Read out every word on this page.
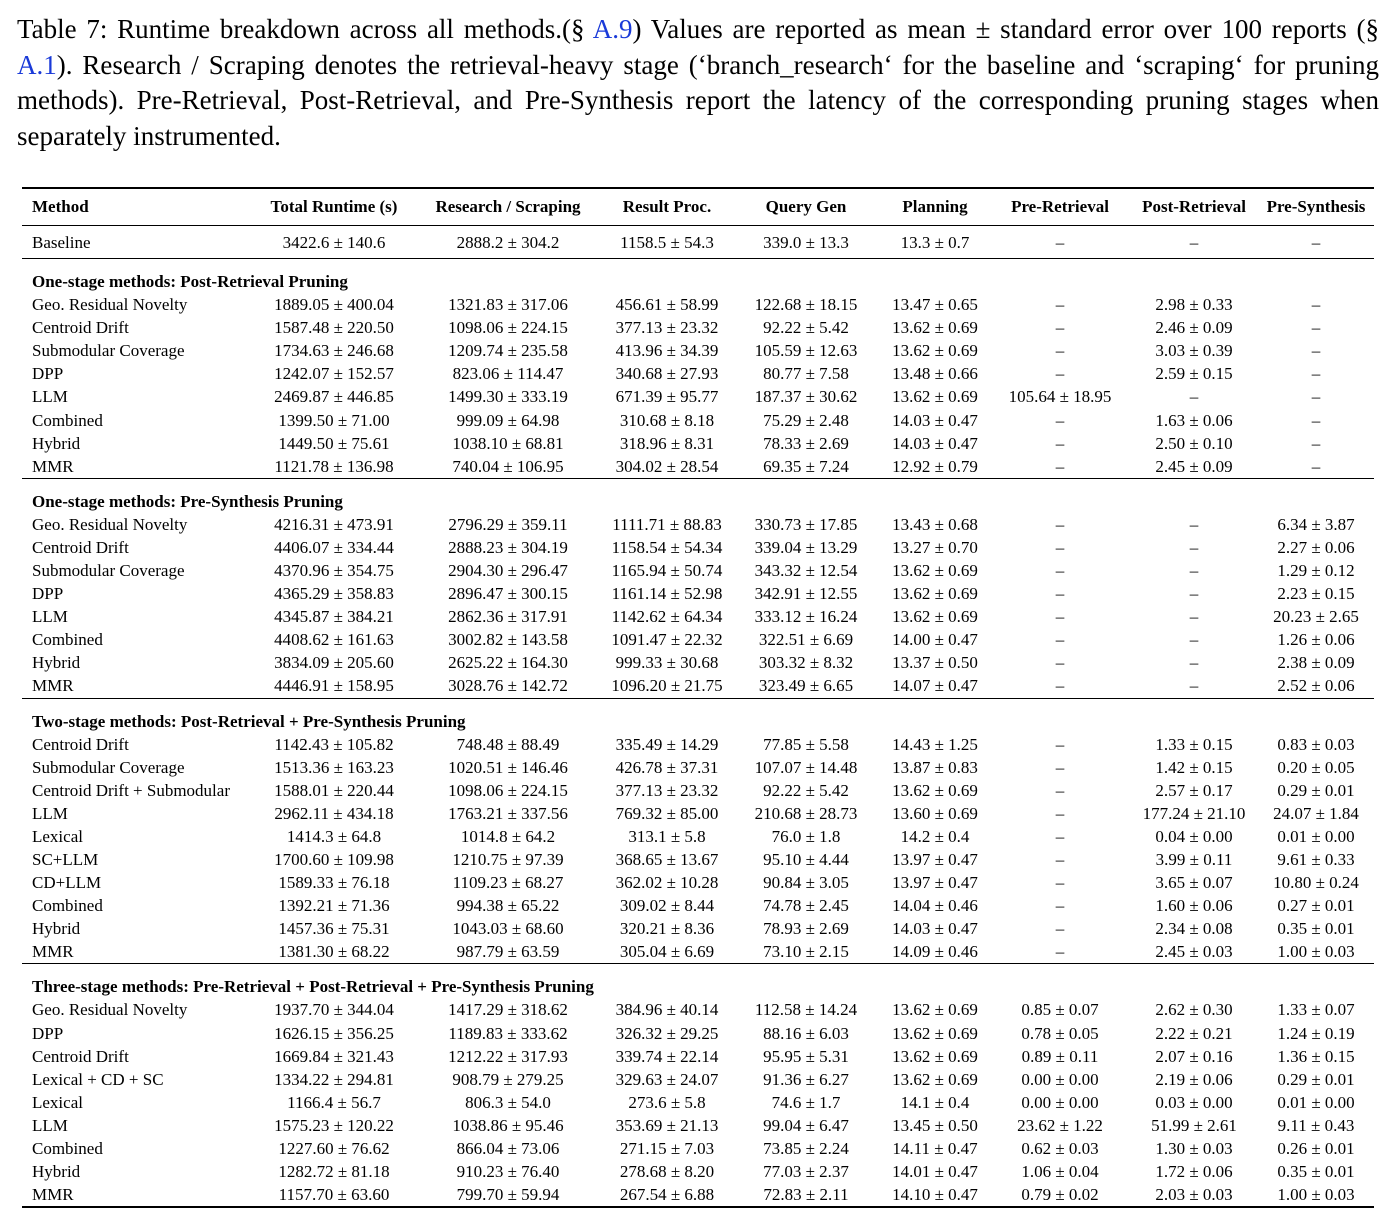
Table 7: Runtime breakdown across all methods.(§ A.9) Values are reported as mean ± standard error over 100 reports (§ A.1). Research / Scraping denotes the retrieval-heavy stage (‘branch_research‘ for the baseline and ‘scraping‘ for pruning methods). Pre-Retrieval, Post-Retrieval, and Pre-Synthesis report the latency of the corresponding pruning stages when separately instrumented.
Method	Total Runtime (s)	Research / Scraping	Result Proc.	Query Gen	Planning	Pre-Retrieval	Post-Retrieval	Pre-Synthesis
Baseline	3422.6 ± 140.6	2888.2 ± 304.2	1158.5 ± 54.3	339.0 ± 13.3	13.3 ± 0.7	–	–	–
One-stage methods: Post-Retrieval Pruning								
Geo. Residual Novelty	1889.05 ± 400.04	1321.83 ± 317.06	456.61 ± 58.99	122.68 ± 18.15	13.47 ± 0.65	–	2.98 ± 0.33	–
Centroid Drift	1587.48 ± 220.50	1098.06 ± 224.15	377.13 ± 23.32	92.22 ± 5.42	13.62 ± 0.69	–	2.46 ± 0.09	–
Submodular Coverage	1734.63 ± 246.68	1209.74 ± 235.58	413.96 ± 34.39	105.59 ± 12.63	13.62 ± 0.69	–	3.03 ± 0.39	–
DPP	1242.07 ± 152.57	823.06 ± 114.47	340.68 ± 27.93	80.77 ± 7.58	13.48 ± 0.66	–	2.59 ± 0.15	–
LLM	2469.87 ± 446.85	1499.30 ± 333.19	671.39 ± 95.77	187.37 ± 30.62	13.62 ± 0.69	105.64 ± 18.95	–	–
Combined	1399.50 ± 71.00	999.09 ± 64.98	310.68 ± 8.18	75.29 ± 2.48	14.03 ± 0.47	–	1.63 ± 0.06	–
Hybrid	1449.50 ± 75.61	1038.10 ± 68.81	318.96 ± 8.31	78.33 ± 2.69	14.03 ± 0.47	–	2.50 ± 0.10	–
MMR	1121.78 ± 136.98	740.04 ± 106.95	304.02 ± 28.54	69.35 ± 7.24	12.92 ± 0.79	–	2.45 ± 0.09	–
One-stage methods: Pre-Synthesis Pruning								
Geo. Residual Novelty	4216.31 ± 473.91	2796.29 ± 359.11	1111.71 ± 88.83	330.73 ± 17.85	13.43 ± 0.68	–	–	6.34 ± 3.87
Centroid Drift	4406.07 ± 334.44	2888.23 ± 304.19	1158.54 ± 54.34	339.04 ± 13.29	13.27 ± 0.70	–	–	2.27 ± 0.06
Submodular Coverage	4370.96 ± 354.75	2904.30 ± 296.47	1165.94 ± 50.74	343.32 ± 12.54	13.62 ± 0.69	–	–	1.29 ± 0.12
DPP	4365.29 ± 358.83	2896.47 ± 300.15	1161.14 ± 52.98	342.91 ± 12.55	13.62 ± 0.69	–	–	2.23 ± 0.15
LLM	4345.87 ± 384.21	2862.36 ± 317.91	1142.62 ± 64.34	333.12 ± 16.24	13.62 ± 0.69	–	–	20.23 ± 2.65
Combined	4408.62 ± 161.63	3002.82 ± 143.58	1091.47 ± 22.32	322.51 ± 6.69	14.00 ± 0.47	–	–	1.26 ± 0.06
Hybrid	3834.09 ± 205.60	2625.22 ± 164.30	999.33 ± 30.68	303.32 ± 8.32	13.37 ± 0.50	–	–	2.38 ± 0.09
MMR	4446.91 ± 158.95	3028.76 ± 142.72	1096.20 ± 21.75	323.49 ± 6.65	14.07 ± 0.47	–	–	2.52 ± 0.06
Two-stage methods: Post-Retrieval + Pre-Synthesis Pruning								
Centroid Drift	1142.43 ± 105.82	748.48 ± 88.49	335.49 ± 14.29	77.85 ± 5.58	14.43 ± 1.25	–	1.33 ± 0.15	0.83 ± 0.03
Submodular Coverage	1513.36 ± 163.23	1020.51 ± 146.46	426.78 ± 37.31	107.07 ± 14.48	13.87 ± 0.83	–	1.42 ± 0.15	0.20 ± 0.05
Centroid Drift + Submodular	1588.01 ± 220.44	1098.06 ± 224.15	377.13 ± 23.32	92.22 ± 5.42	13.62 ± 0.69	–	2.57 ± 0.17	0.29 ± 0.01
LLM	2962.11 ± 434.18	1763.21 ± 337.56	769.32 ± 85.00	210.68 ± 28.73	13.60 ± 0.69	–	177.24 ± 21.10	24.07 ± 1.84
Lexical	1414.3 ± 64.8	1014.8 ± 64.2	313.1 ± 5.8	76.0 ± 1.8	14.2 ± 0.4	–	0.04 ± 0.00	0.01 ± 0.00
SC+LLM	1700.60 ± 109.98	1210.75 ± 97.39	368.65 ± 13.67	95.10 ± 4.44	13.97 ± 0.47	–	3.99 ± 0.11	9.61 ± 0.33
CD+LLM	1589.33 ± 76.18	1109.23 ± 68.27	362.02 ± 10.28	90.84 ± 3.05	13.97 ± 0.47	–	3.65 ± 0.07	10.80 ± 0.24
Combined	1392.21 ± 71.36	994.38 ± 65.22	309.02 ± 8.44	74.78 ± 2.45	14.04 ± 0.46	–	1.60 ± 0.06	0.27 ± 0.01
Hybrid	1457.36 ± 75.31	1043.03 ± 68.60	320.21 ± 8.36	78.93 ± 2.69	14.03 ± 0.47	–	2.34 ± 0.08	0.35 ± 0.01
MMR	1381.30 ± 68.22	987.79 ± 63.59	305.04 ± 6.69	73.10 ± 2.15	14.09 ± 0.46	–	2.45 ± 0.03	1.00 ± 0.03
Three-stage methods: Pre-Retrieval + Post-Retrieval + Pre-Synthesis Pruning								
Geo. Residual Novelty	1937.70 ± 344.04	1417.29 ± 318.62	384.96 ± 40.14	112.58 ± 14.24	13.62 ± 0.69	0.85 ± 0.07	2.62 ± 0.30	1.33 ± 0.07
DPP	1626.15 ± 356.25	1189.83 ± 333.62	326.32 ± 29.25	88.16 ± 6.03	13.62 ± 0.69	0.78 ± 0.05	2.22 ± 0.21	1.24 ± 0.19
Centroid Drift	1669.84 ± 321.43	1212.22 ± 317.93	339.74 ± 22.14	95.95 ± 5.31	13.62 ± 0.69	0.89 ± 0.11	2.07 ± 0.16	1.36 ± 0.15
Lexical + CD + SC	1334.22 ± 294.81	908.79 ± 279.25	329.63 ± 24.07	91.36 ± 6.27	13.62 ± 0.69	0.00 ± 0.00	2.19 ± 0.06	0.29 ± 0.01
Lexical	1166.4 ± 56.7	806.3 ± 54.0	273.6 ± 5.8	74.6 ± 1.7	14.1 ± 0.4	0.00 ± 0.00	0.03 ± 0.00	0.01 ± 0.00
LLM	1575.23 ± 120.22	1038.86 ± 95.46	353.69 ± 21.13	99.04 ± 6.47	13.45 ± 0.50	23.62 ± 1.22	51.99 ± 2.61	9.11 ± 0.43
Combined	1227.60 ± 76.62	866.04 ± 73.06	271.15 ± 7.03	73.85 ± 2.24	14.11 ± 0.47	0.62 ± 0.03	1.30 ± 0.03	0.26 ± 0.01
Hybrid	1282.72 ± 81.18	910.23 ± 76.40	278.68 ± 8.20	77.03 ± 2.37	14.01 ± 0.47	1.06 ± 0.04	1.72 ± 0.06	0.35 ± 0.01
MMR	1157.70 ± 63.60	799.70 ± 59.94	267.54 ± 6.88	72.83 ± 2.11	14.10 ± 0.47	0.79 ± 0.02	2.03 ± 0.03	1.00 ± 0.03
